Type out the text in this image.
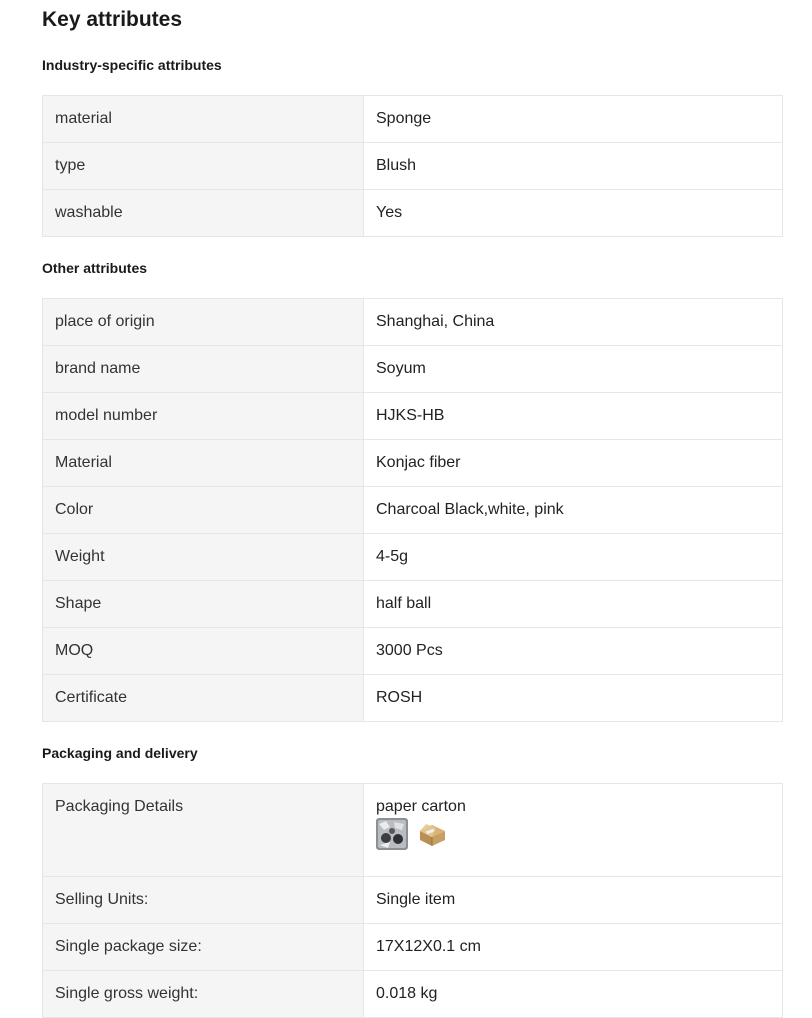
Key attributes
Industry-specific attributes
material	Sponge
type	Blush
washable	Yes
Other attributes
place of origin	Shanghai, China
brand name	Soyum
model number	HJKS-HB
Material	Konjac fiber
Color	Charcoal Black,white, pink
Weight	4-5g
Shape	half ball
MOQ	3000 Pcs
Certificate	ROSH
Packaging and delivery
Packaging Details	paper carton

Selling Units:	Single item
Single package size:	17X12X0.1 cm
Single gross weight:	0.018 kg
